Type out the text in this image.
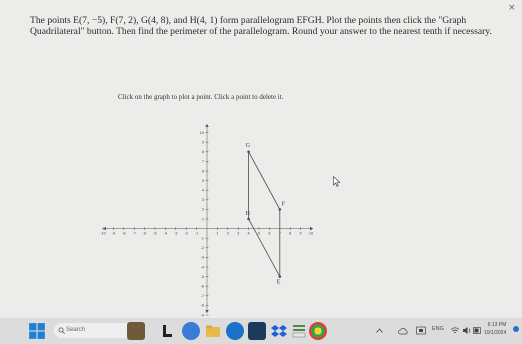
×
The points E(7, −5), F(7, 2), G(4, 8), and H(4, 1) form parallelogram EFGH. Plot the points then click the "Graph Quadrilateral" button. Then find the perimeter of the parallelogram. Round your answer to the nearest tenth if necessary.
Click on the graph to plot a point. Click a point to delete it.
-10 -9 -8 -7 -6 -5 -4 -3 -2 -1	1 2 3 4 5 6 7 8 9 10
10
9
8
7
6
5
4
3
2
1
-1
-2
-3
-4
-5
-6
-7
-8
-9
G
F
E
H
Search	ENG
6:13 PM
10/1/2024
